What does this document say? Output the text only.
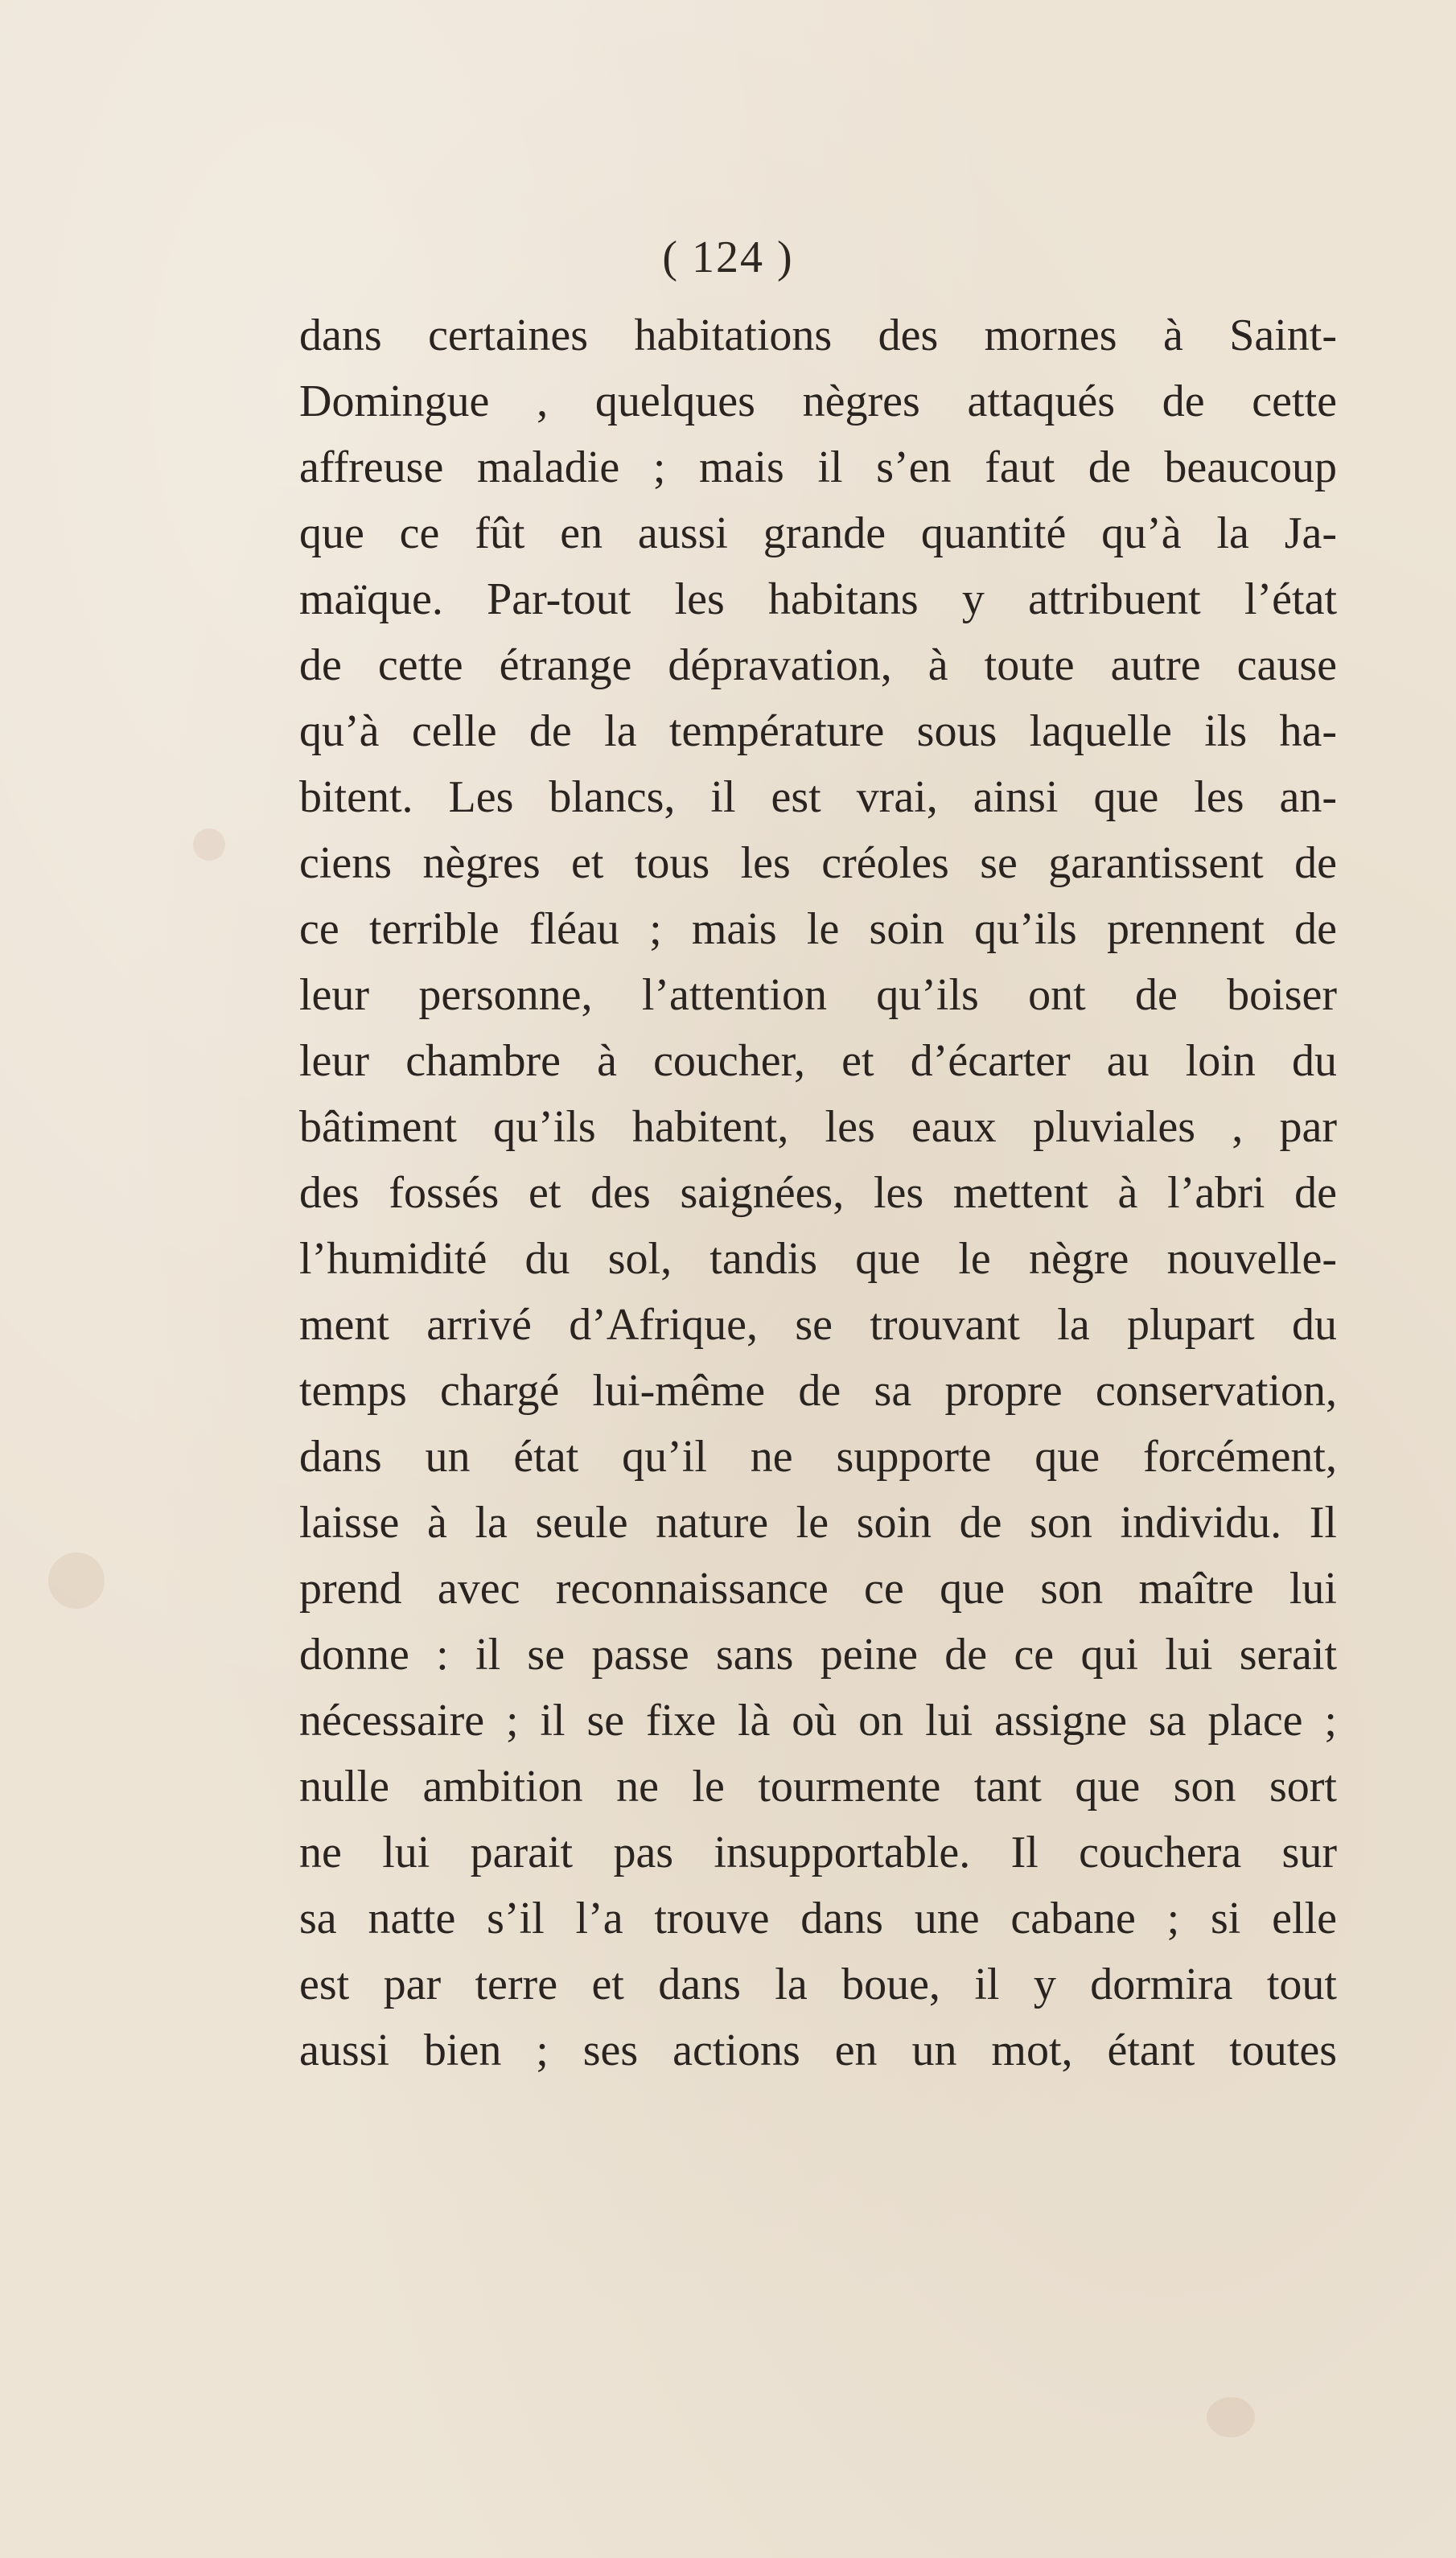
( 124 )
dans certaines habitations des mornes à Saint-
Domingue , quelques nègres attaqués de cette
affreuse maladie ; mais il s’en faut de beaucoup
que ce fût en aussi grande quantité qu’à la Ja-
maïque. Par-tout les habitans y attribuent l’état
de cette étrange dépravation, à toute autre cause
qu’à celle de la température sous laquelle ils ha-
bitent. Les blancs, il est vrai, ainsi que les an-
ciens nègres et tous les créoles se garantissent de
ce terrible fléau ; mais le soin qu’ils prennent de
leur personne, l’attention qu’ils ont de boiser
leur chambre à coucher, et d’écarter au loin du
bâtiment qu’ils habitent, les eaux pluviales , par
des fossés et des saignées, les mettent à l’abri de
l’humidité du sol, tandis que le nègre nouvelle-
ment arrivé d’Afrique, se trouvant la plupart du
temps chargé lui-même de sa propre conservation,
dans un état qu’il ne supporte que forcément,
laisse à la seule nature le soin de son individu. Il
prend avec reconnaissance ce que son maître lui
donne : il se passe sans peine de ce qui lui serait
nécessaire ; il se fixe là où on lui assigne sa place ;
nulle ambition ne le tourmente tant que son sort
ne lui parait pas insupportable. Il couchera sur
sa natte s’il l’a trouve dans une cabane ; si elle
est par terre et dans la boue, il y dormira tout
aussi bien ; ses actions en un mot, étant toutes
